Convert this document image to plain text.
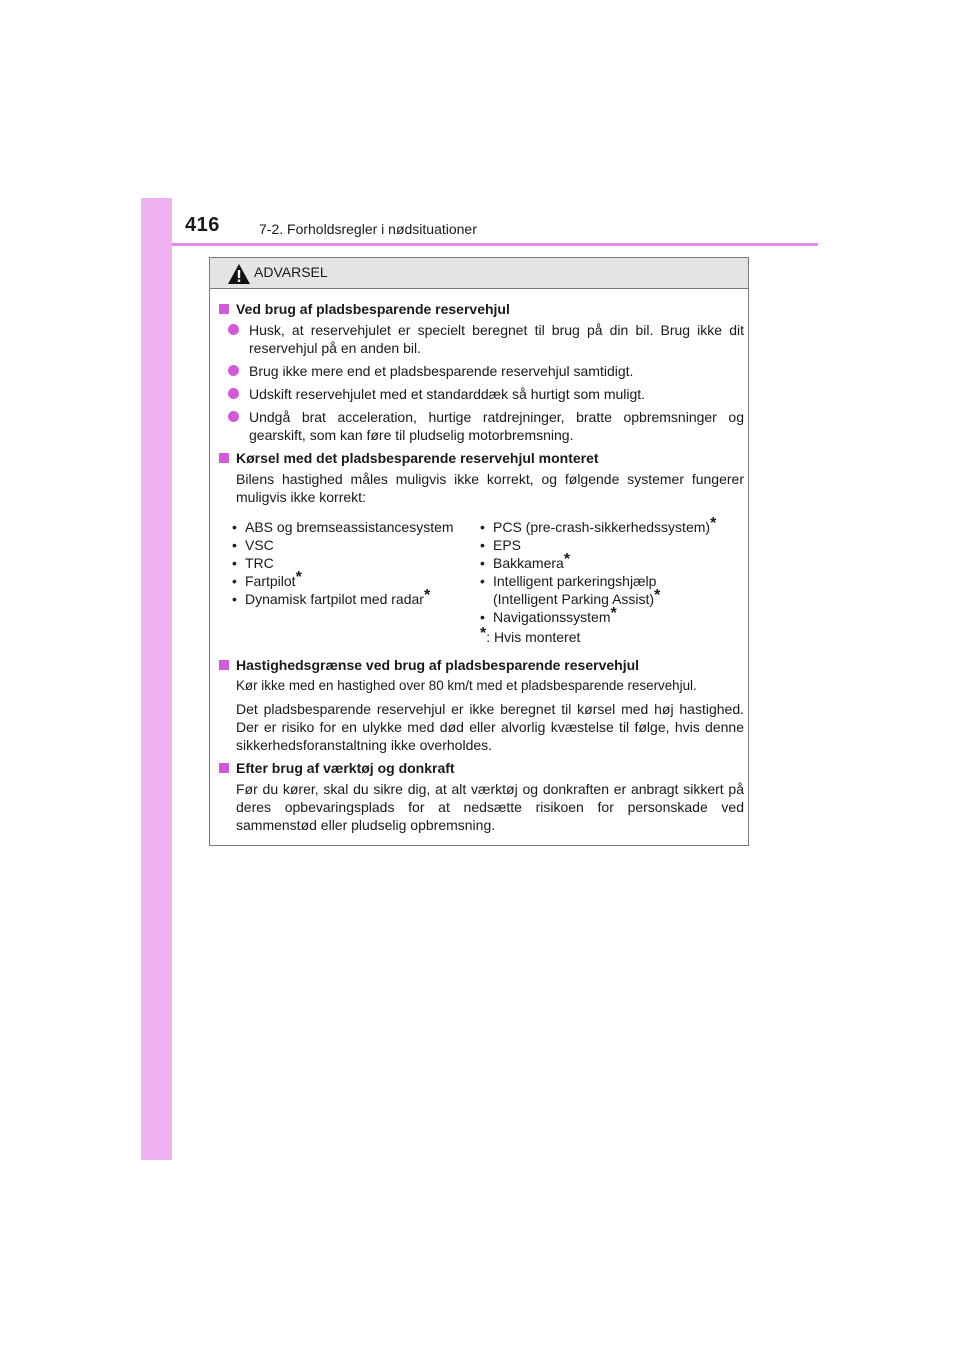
416	7-2. Forholdsregler i nødsituationer
ADVARSEL
Ved brug af pladsbesparende reservehjul
Husk, at reservehjulet er specielt beregnet til brug på din bil. Brug ikke dit reservehjul på en anden bil.
Brug ikke mere end et pladsbesparende reservehjul samtidigt.
Udskift reservehjulet med et standarddæk så hurtigt som muligt.
Undgå brat acceleration, hurtige ratdrejninger, bratte opbremsninger og gearskift, som kan føre til pludselig motorbremsning.
Kørsel med det pladsbesparende reservehjul monteret
Bilens hastighed måles muligvis ikke korrekt, og følgende systemer fungerer muligvis ikke korrekt:
• ABS og bremseassistancesystem
• VSC
• TRC
• Fartpilot*
• Dynamisk fartpilot med radar*
• PCS (pre-crash-sikkerhedssystem)*
• EPS
• Bakkamera*
• Intelligent parkeringshjælp
(Intelligent Parking Assist)*
• Navigationssystem*
*: Hvis monteret
Hastighedsgrænse ved brug af pladsbesparende reservehjul
Kør ikke med en hastighed over 80 km/t med et pladsbesparende reservehjul.
Det pladsbesparende reservehjul er ikke beregnet til kørsel med høj hastighed. Der er risiko for en ulykke med død eller alvorlig kvæstelse til følge, hvis denne sikkerhedsforanstaltning ikke overholdes.
Efter brug af værktøj og donkraft
Før du kører, skal du sikre dig, at alt værktøj og donkraften er anbragt sikkert på deres opbevaringsplads for at nedsætte risikoen for personskade ved sammenstød eller pludselig opbremsning.
